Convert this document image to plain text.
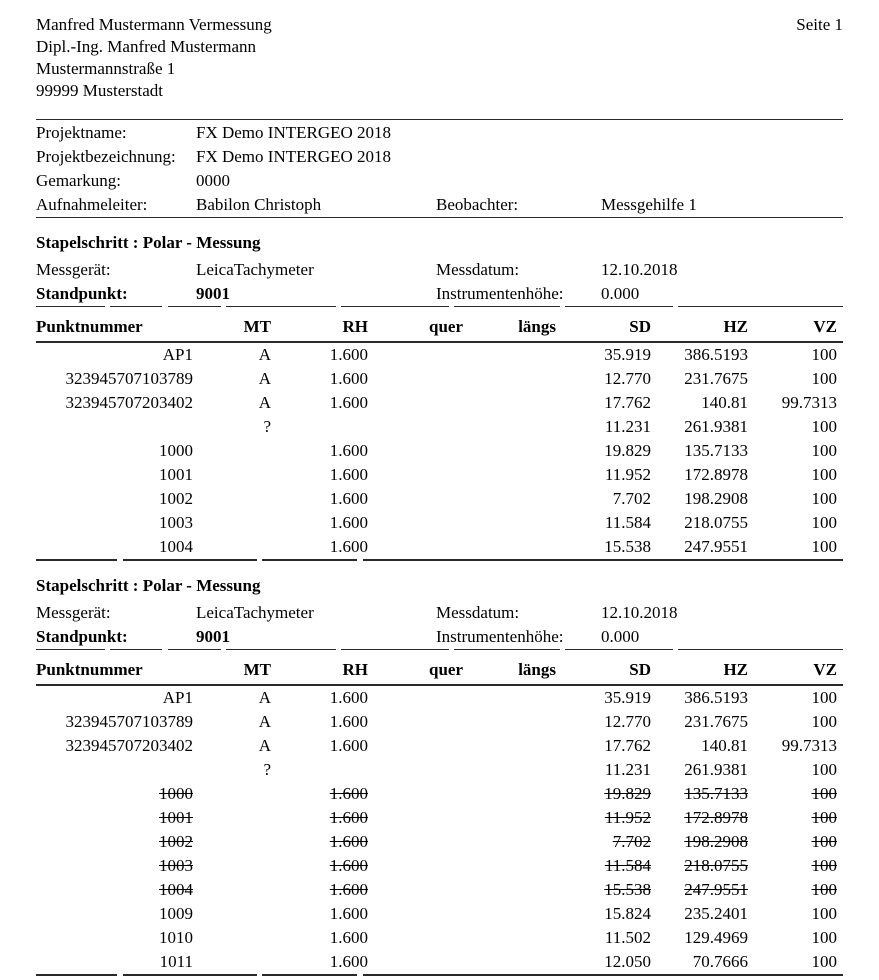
Manfred Mustermann Vermessung
Dipl.-Ing. Manfred Mustermann
Mustermannstraße 1
99999 Musterstadt
Seite 1
Projektname:	FX Demo INTERGEO 2018		
Projektbezeichnung:	FX Demo INTERGEO 2018		
Gemarkung:	0000		
Aufnahmeleiter:	Babilon Christoph	Beobachter:	Messgehilfe 1
Stapelschritt : Polar - Messung
Messgerät:	LeicaTachymeter	Messdatum:	12.10.2018
Standpunkt:	9001	Instrumentenhöhe:	0.000
Punktnummer	MT	RH	quer	längs	SD	HZ	VZ
AP1	A	1.600			35.919	386.5193	100
323945707103789	A	1.600			12.770	231.7675	100
323945707203402	A	1.600			17.762	140.81	99.7313
	?				11.231	261.9381	100
1000		1.600			19.829	135.7133	100
1001		1.600			11.952	172.8978	100
1002		1.600			7.702	198.2908	100
1003		1.600			11.584	218.0755	100
1004		1.600			15.538	247.9551	100
Stapelschritt : Polar - Messung
Messgerät:	LeicaTachymeter	Messdatum:	12.10.2018
Standpunkt:	9001	Instrumentenhöhe:	0.000
Punktnummer	MT	RH	quer	längs	SD	HZ	VZ
AP1	A	1.600			35.919	386.5193	100
323945707103789	A	1.600			12.770	231.7675	100
323945707203402	A	1.600			17.762	140.81	99.7313
	?				11.231	261.9381	100
1000		1.600			19.829	135.7133	100
1001		1.600			11.952	172.8978	100
1002		1.600			7.702	198.2908	100
1003		1.600			11.584	218.0755	100
1004		1.600			15.538	247.9551	100
1009		1.600			15.824	235.2401	100
1010		1.600			11.502	129.4969	100
1011		1.600			12.050	70.7666	100
